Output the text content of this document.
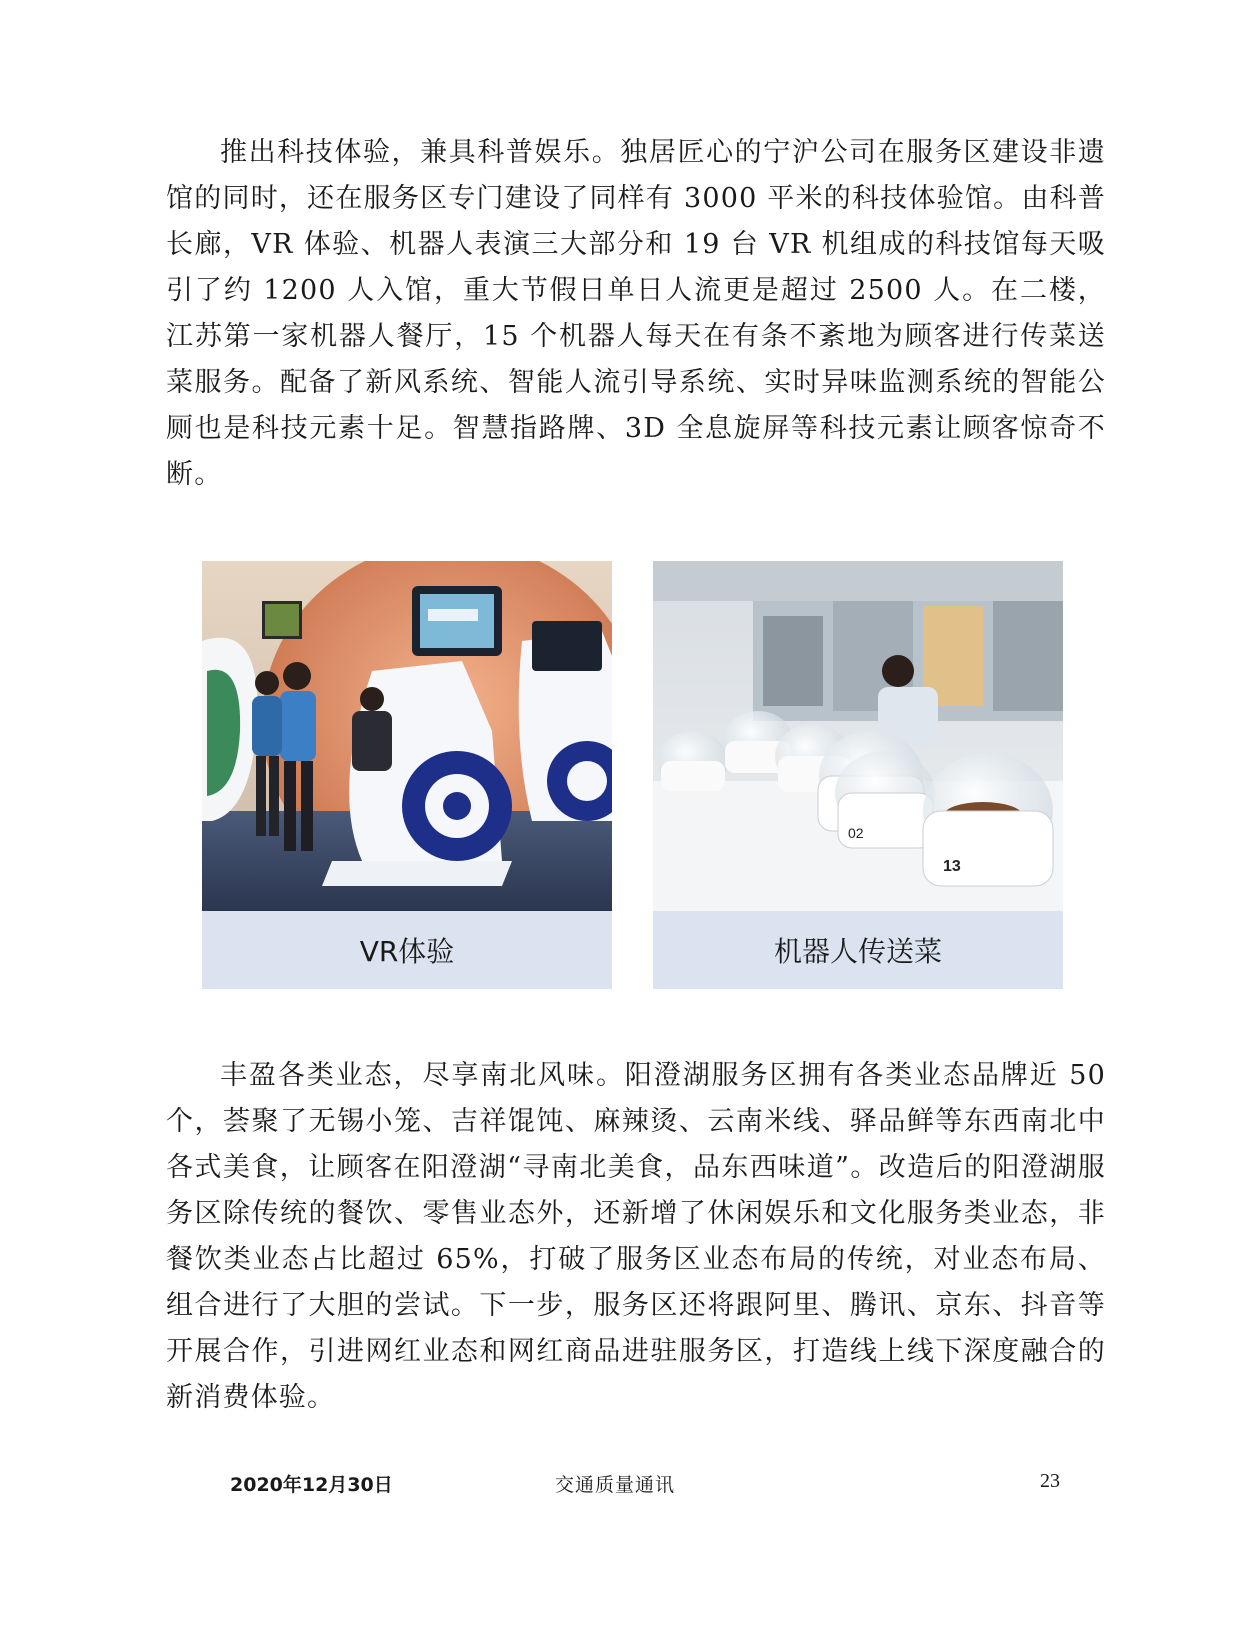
推出科技体验，兼具科普娱乐。独居匠心的宁沪公司在服务区建设非遗馆的同时，还在服务区专门建设了同样有 3000 平米的科技体验馆。由科普长廊，VR 体验、机器人表演三大部分和 19 台 VR 机组成的科技馆每天吸引了约 1200 人入馆，重大节假日单日人流更是超过 2500 人。在二楼，江苏第一家机器人餐厅，15 个机器人每天在有条不紊地为顾客进行传菜送菜服务。配备了新风系统、智能人流引导系统、实时异味监测系统的智能公厕也是科技元素十足。智慧指路牌、3D 全息旋屏等科技元素让顾客惊奇不断。

VR体验
02
13
机器人传送菜

丰盈各类业态，尽享南北风味。阳澄湖服务区拥有各类业态品牌近 50 个，荟聚了无锡小笼、吉祥馄饨、麻辣烫、云南米线、驿品鲜等东西南北中各式美食，让顾客在阳澄湖“寻南北美食，品东西味道”。改造后的阳澄湖服务区除传统的餐饮、零售业态外，还新增了休闲娱乐和文化服务类业态，非餐饮类业态占比超过 65%，打破了服务区业态布局的传统，对业态布局、组合进行了大胆的尝试。下一步，服务区还将跟阿里、腾讯、京东、抖音等开展合作，引进网红业态和网红商品进驻服务区，打造线上线下深度融合的新消费体验。

2020年12月30日	交通质量通讯	23
